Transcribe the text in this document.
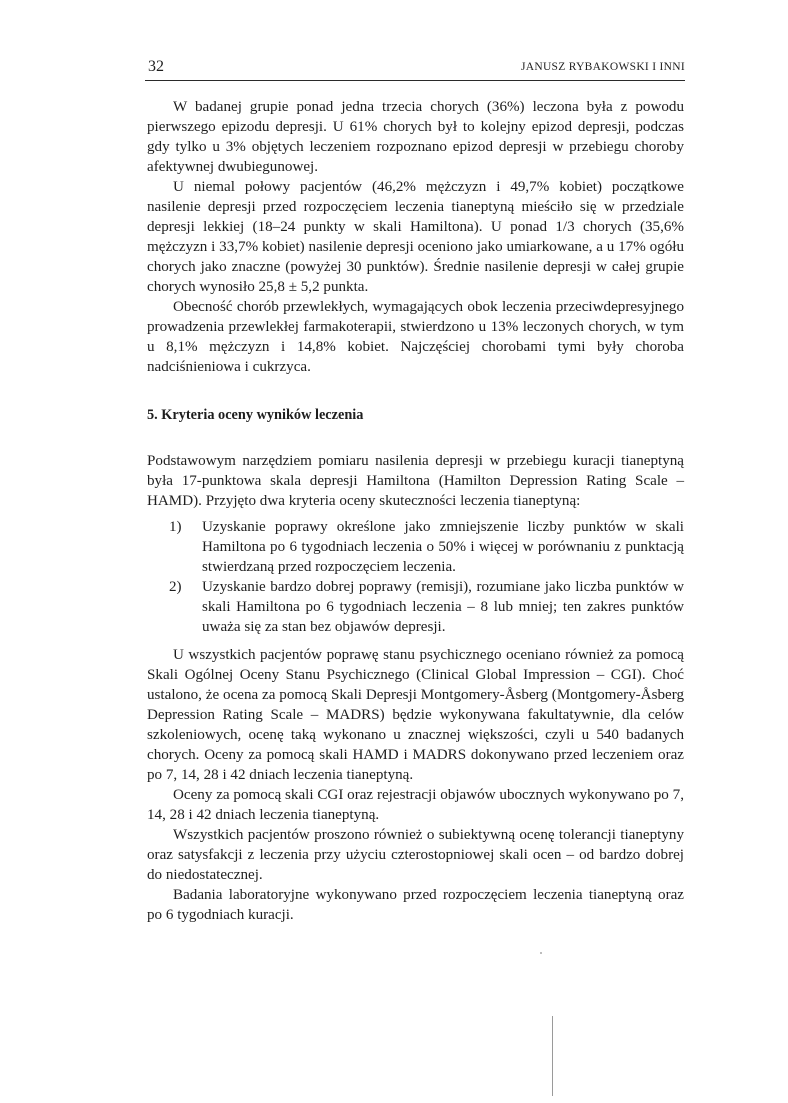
32	JANUSZ RYBAKOWSKI I INNI

W badanej grupie ponad jedna trzecia chorych (36%) leczona była z powodu pierwszego epizodu depresji. U 61% chorych był to kolejny epizod depresji, podczas gdy tylko u 3% objętych leczeniem rozpoznano epizod depresji w przebiegu choroby afektywnej dwubiegunowej.

U niemal połowy pacjentów (46,2% mężczyzn i 49,7% kobiet) początkowe nasilenie depresji przed rozpoczęciem leczenia tianeptyną mieściło się w przedziale depresji lekkiej (18–24 punkty w skali Hamiltona). U ponad 1/3 chorych (35,6% mężczyzn i 33,7% kobiet) nasilenie depresji oceniono jako umiarkowane, a u 17% ogółu chorych jako znaczne (powyżej 30 punktów). Średnie nasilenie depresji w całej grupie chorych wynosiło 25,8 ± 5,2 punkta.

Obecność chorób przewlekłych, wymagających obok leczenia przeciwdepresyjnego prowadzenia przewlekłej farmakoterapii, stwierdzono u 13% leczonych chorych, w tym u 8,1% mężczyzn i 14,8% kobiet. Najczęściej chorobami tymi były choroba nadciśnieniowa i cukrzyca.

5. Kryteria oceny wyników leczenia

Podstawowym narzędziem pomiaru nasilenia depresji w przebiegu kuracji tianeptyną była 17-punktowa skala depresji Hamiltona (Hamilton Depression Rating Scale – HAMD). Przyjęto dwa kryteria oceny skuteczności leczenia tianeptyną:

1) Uzyskanie poprawy określone jako zmniejszenie liczby punktów w skali Hamiltona po 6 tygodniach leczenia o 50% i więcej w porównaniu z punktacją stwierdzaną przed rozpoczęciem leczenia.
2) Uzyskanie bardzo dobrej poprawy (remisji), rozumiane jako liczba punktów w skali Hamiltona po 6 tygodniach leczenia – 8 lub mniej; ten zakres punktów uważa się za stan bez objawów depresji.

U wszystkich pacjentów poprawę stanu psychicznego oceniano również za pomocą Skali Ogólnej Oceny Stanu Psychicznego (Clinical Global Impression – CGI). Choć ustalono, że ocena za pomocą Skali Depresji Montgomery-Åsberg (Montgomery-Åsberg Depression Rating Scale – MADRS) będzie wykonywana fakultatywnie, dla celów szkoleniowych, ocenę taką wykonano u znacznej większości, czyli u 540 badanych chorych. Oceny za pomocą skali HAMD i MADRS dokonywano przed leczeniem oraz po 7, 14, 28 i 42 dniach leczenia tianeptyną.

Oceny za pomocą skali CGI oraz rejestracji objawów ubocznych wykonywano po 7, 14, 28 i 42 dniach leczenia tianeptyną.

Wszystkich pacjentów proszono również o subiektywną ocenę tolerancji tianeptyny oraz satysfakcji z leczenia przy użyciu czterostopniowej skali ocen – od bardzo dobrej do niedostatecznej.

Badania laboratoryjne wykonywano przed rozpoczęciem leczenia tianeptyną oraz po 6 tygodniach kuracji.
